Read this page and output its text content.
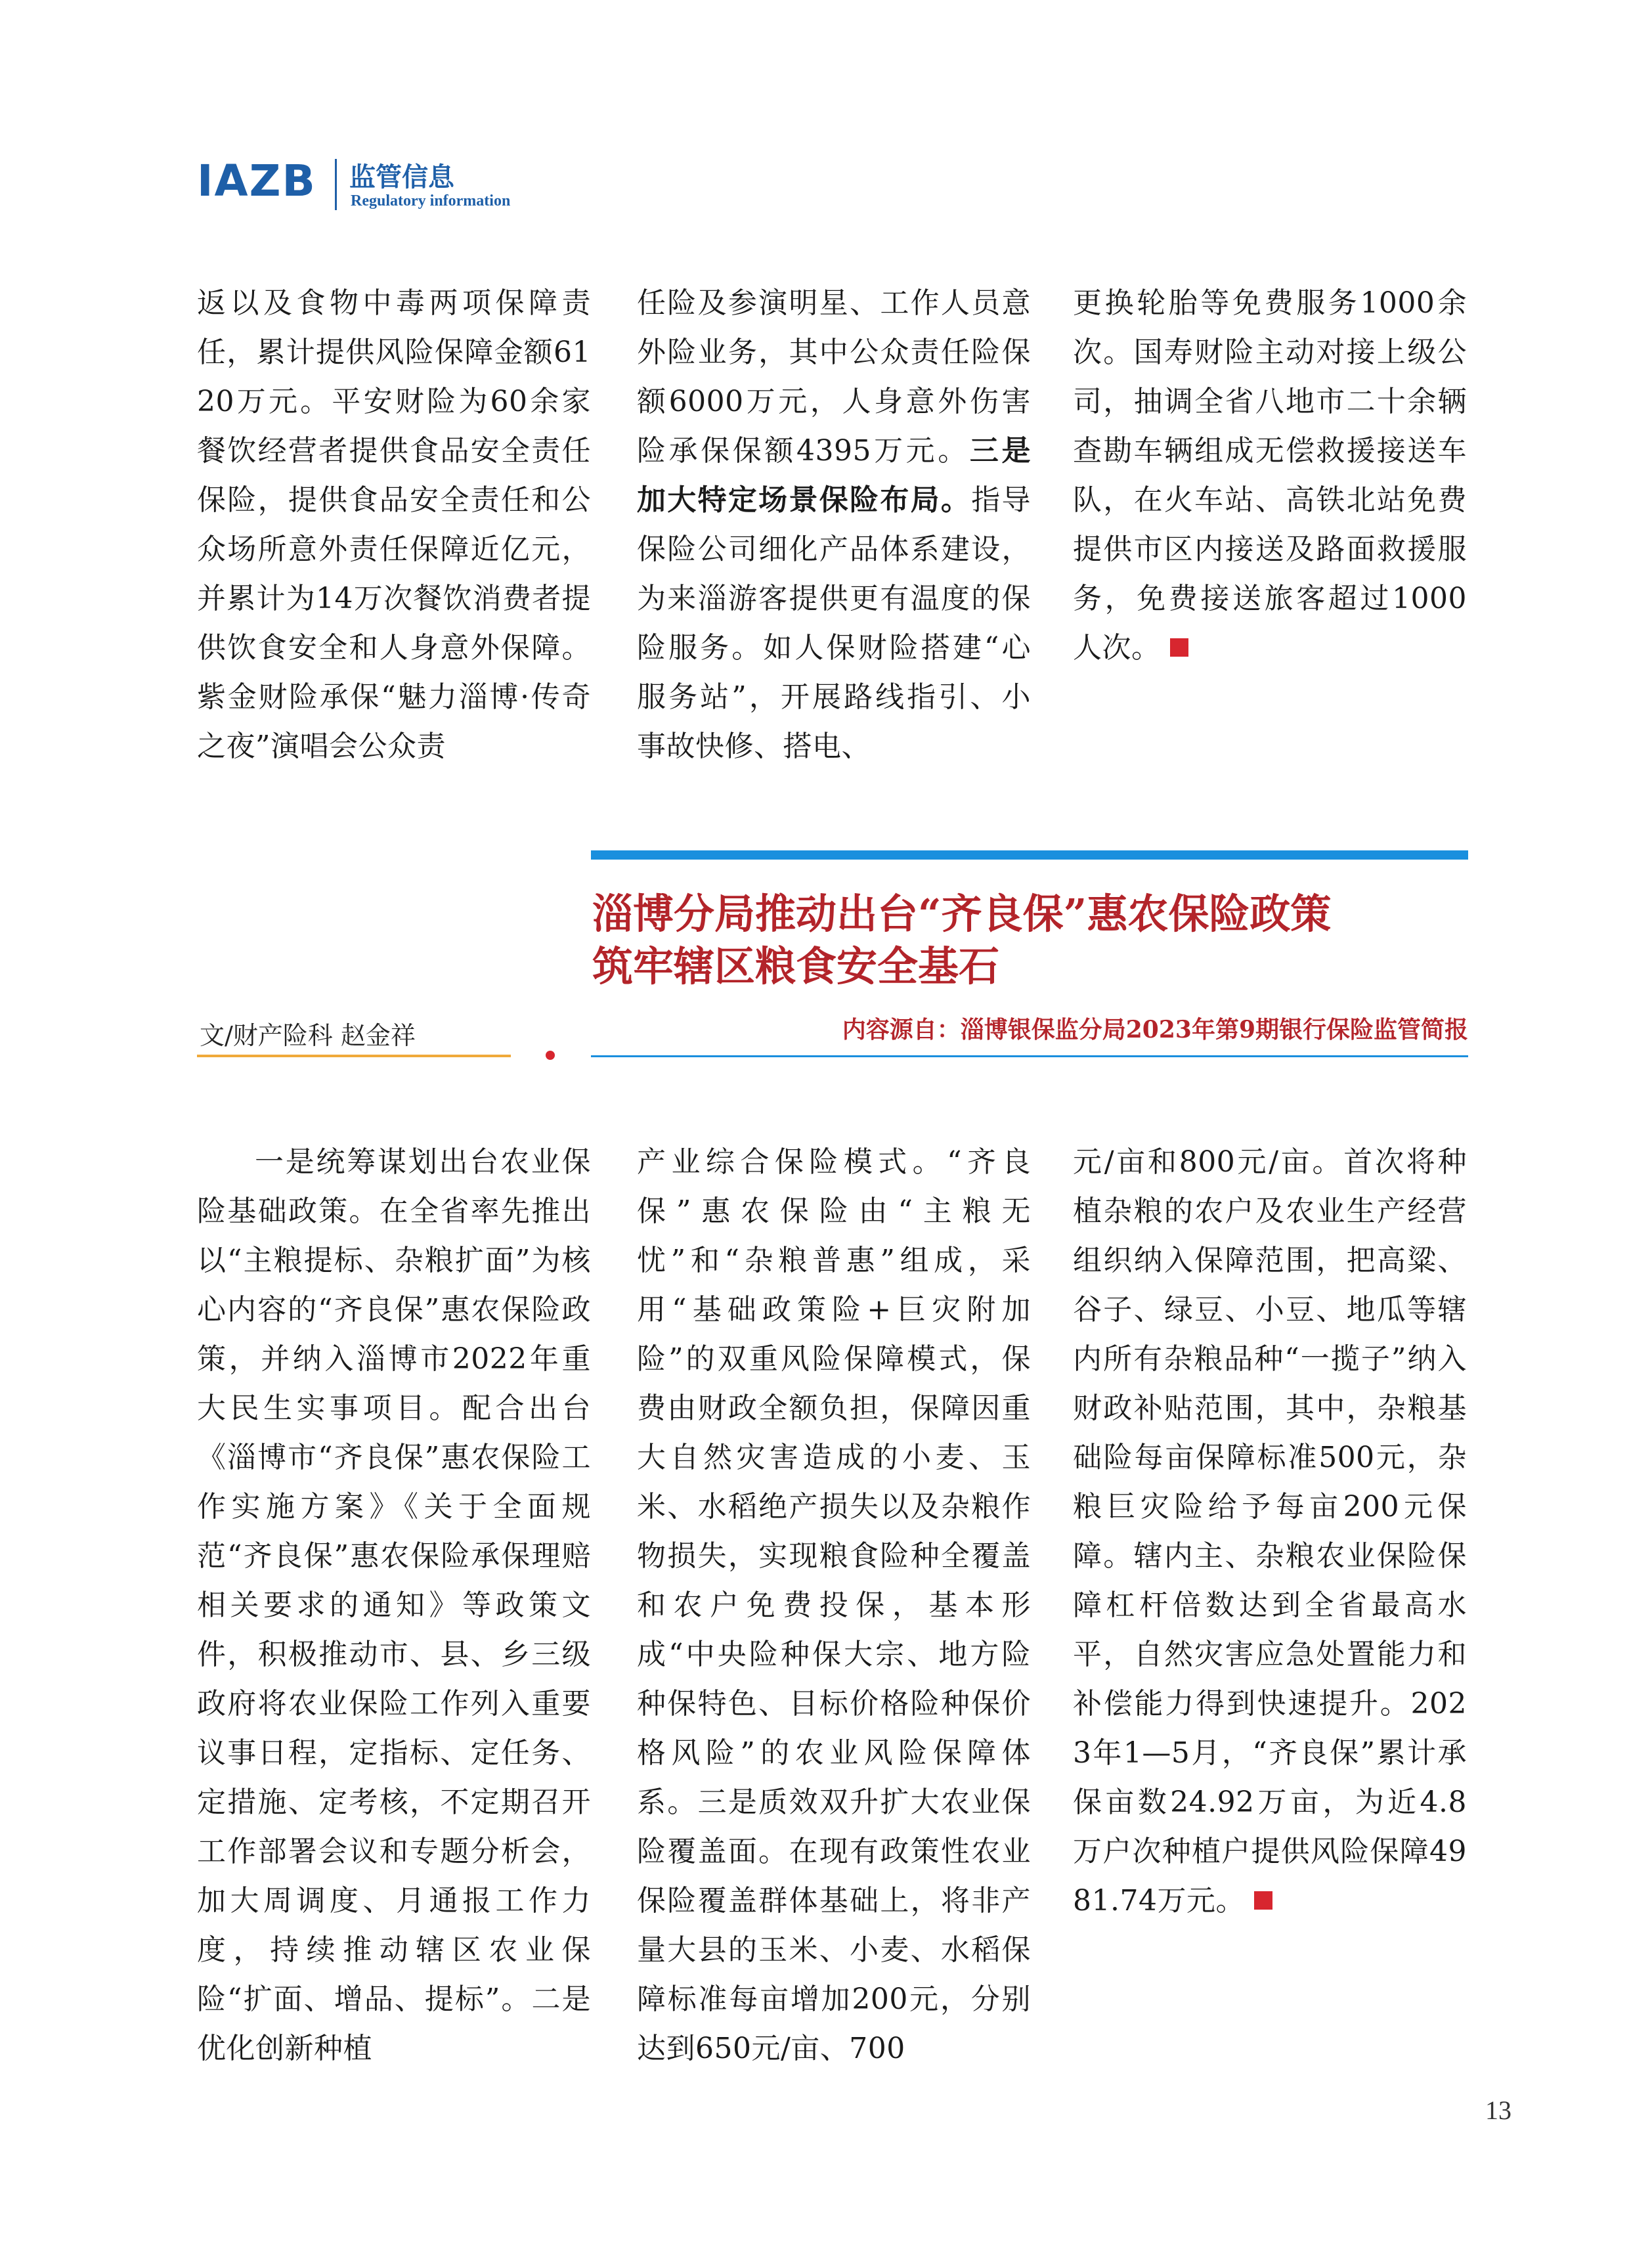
IAZB 监管信息
Regulatory information

返以及食物中毒两项保障责任，累计提供风险保障金额6120万元。平安财险为60余家餐饮经营者提供食品安全责任保险，提供食品安全责任和公众场所意外责任保障近亿元，并累计为14万次餐饮消费者提供饮食安全和人身意外保障。紫金财险承保“魅力淄博·传奇之夜”演唱会公众责

任险及参演明星、工作人员意外险业务，其中公众责任险保额6000万元，人身意外伤害险承保保额4395万元。三是加大特定场景保险布局。指导保险公司细化产品体系建设，为来淄游客提供更有温度的保险服务。如人保财险搭建“心服务站”，开展路线指引、小事故快修、搭电、

更换轮胎等免费服务1000余次。国寿财险主动对接上级公司，抽调全省八地市二十余辆查勘车辆组成无偿救援接送车队，在火车站、高铁北站免费提供市区内接送及路面救援服务，免费接送旅客超过1000人次。

淄博分局推动出台“齐良保”惠农保险政策
筑牢辖区粮食安全基石
文/财产险科 赵金祥	内容源自：淄博银保监分局2023年第9期银行保险监管简报

一是统筹谋划出台农业保险基础政策。在全省率先推出以“主粮提标、杂粮扩面”为核心内容的“齐良保”惠农保险政策，并纳入淄博市2022年重大民生实事项目。配合出台《淄博市“齐良保”惠农保险工作实施方案》《关于全面规范“齐良保”惠农保险承保理赔相关要求的通知》等政策文件，积极推动市、县、乡三级政府将农业保险工作列入重要议事日程，定指标、定任务、定措施、定考核，不定期召开工作部署会议和专题分析会，加大周调度、月通报工作力度，持续推动辖区农业保险“扩面、增品、提标”。二是优化创新种植

产业综合保险模式。“齐良保”惠农保险由“主粮无忧”和“杂粮普惠”组成，采用“基础政策险+巨灾附加险”的双重风险保障模式，保费由财政全额负担，保障因重大自然灾害造成的小麦、玉米、水稻绝产损失以及杂粮作物损失，实现粮食险种全覆盖和农户免费投保，基本形成“中央险种保大宗、地方险种保特色、目标价格险种保价格风险”的农业风险保障体系。三是质效双升扩大农业保险覆盖面。在现有政策性农业保险覆盖群体基础上，将非产量大县的玉米、小麦、水稻保障标准每亩增加200元，分别达到650元/亩、700

元/亩和800元/亩。首次将种植杂粮的农户及农业生产经营组织纳入保障范围，把高粱、谷子、绿豆、小豆、地瓜等辖内所有杂粮品种“一揽子”纳入财政补贴范围，其中，杂粮基础险每亩保障标准500元，杂粮巨灾险给予每亩200元保障。辖内主、杂粮农业保险保障杠杆倍数达到全省最高水平，自然灾害应急处置能力和补偿能力得到快速提升。2023年1—5月，“齐良保”累计承保亩数24.92万亩，为近4.8万户次种植户提供风险保障4981.74万元。

13
